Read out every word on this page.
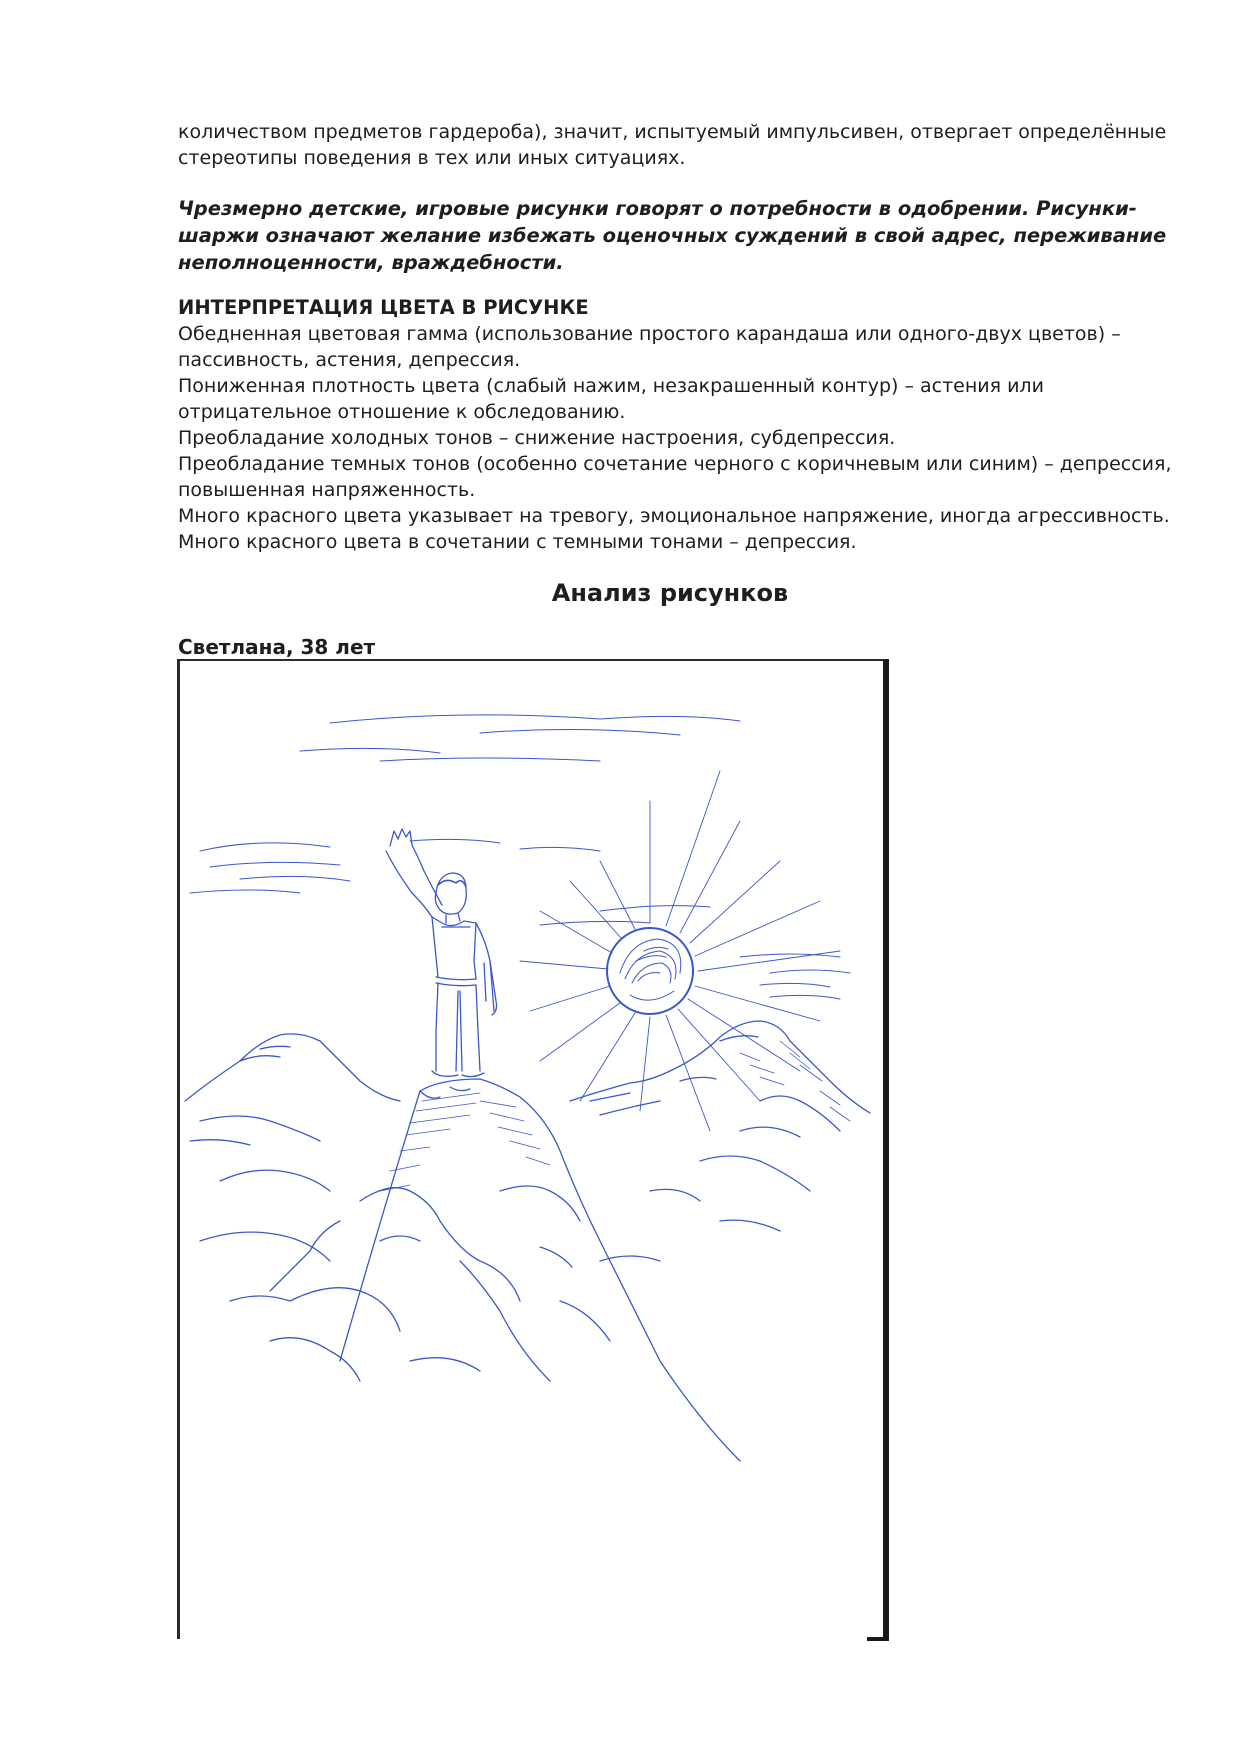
количеством предметов гардероба), значит, испытуемый импульсивен, отвергает определённые
стереотипы поведения в тех или иных ситуациях.

Чрезмерно детские, игровые рисунки говорят о потребности в одобрении. Рисунки-
шаржи означают желание избежать оценочных суждений в свой адрес, переживание
неполноценности, враждебности.

ИНТЕРПРЕТАЦИЯ ЦВЕТА В РИСУНКЕ

Обедненная цветовая гамма (использование простого карандаша или одного-двух цветов) –
пассивность, астения, депрессия.
Пониженная плотность цвета (слабый нажим, незакрашенный контур) – астения или
отрицательное отношение к обследованию.
Преобладание холодных тонов – снижение настроения, субдепрессия.
Преобладание темных тонов (особенно сочетание черного с коричневым или синим) – депрессия,
повышенная напряженность.
Много красного цвета указывает на тревогу, эмоциональное напряжение, иногда агрессивность.
Много красного цвета в сочетании с темными тонами – депрессия.

Анализ рисунков
Светлана, 38 лет
